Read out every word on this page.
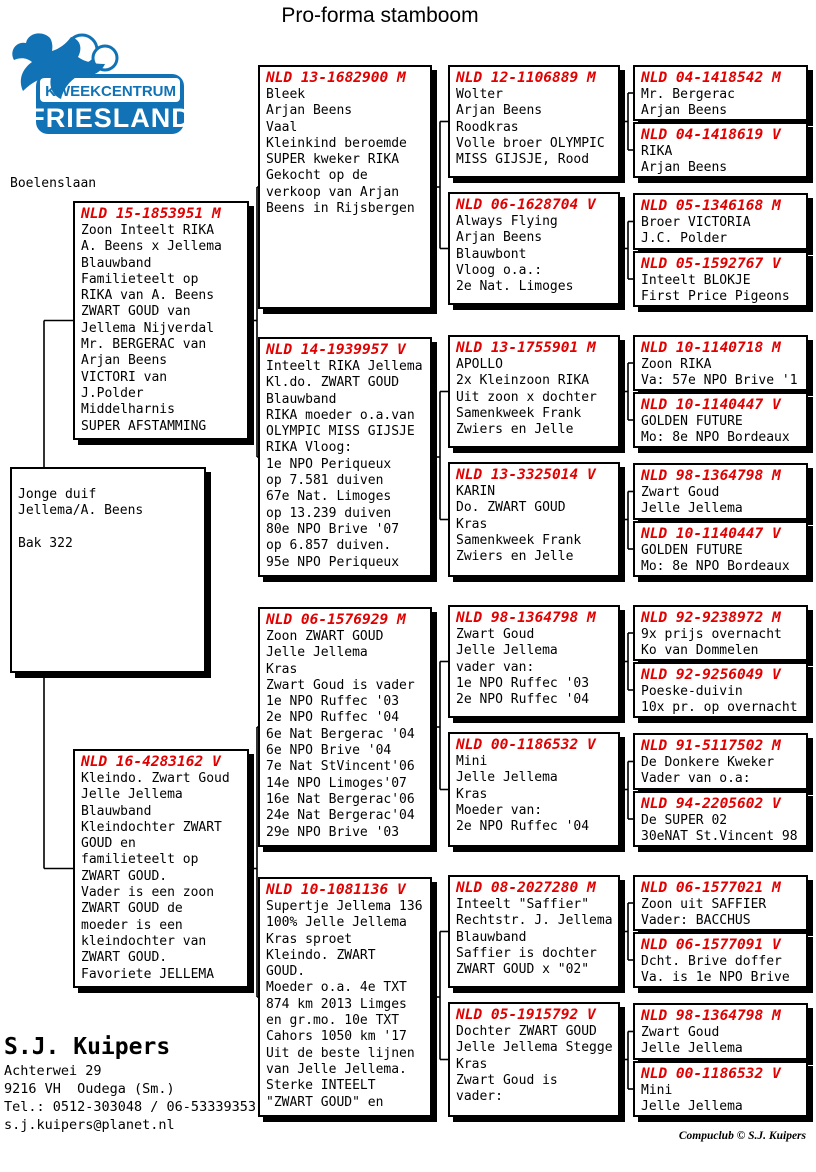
Pro-forma stamboom
KWEEKCENTRUM
FRIESLAND
Boelenslaan
NLD 15-1853951 M
Zoon Inteelt RIKA
A. Beens x Jellema
Blauwband
Familieteelt op
RIKA van A. Beens
ZWART GOUD van
Jellema Nijverdal
Mr. BERGERAC van
Arjan Beens
VICTORI van
J.Polder
Middelharnis
SUPER AFSTAMMING
Jonge duif
Jellema/A. Beens

Bak 322
NLD 16-4283162 V
Kleindo. Zwart Goud
Jelle Jellema
Blauwband
Kleindochter ZWART
GOUD en
familieteelt op
ZWART GOUD.
Vader is een zoon
ZWART GOUD de
moeder is een
kleindochter van
ZWART GOUD.
Favoriete JELLEMA
NLD 13-1682900 M
Bleek
Arjan Beens
Vaal
Kleinkind beroemde
SUPER kweker RIKA
Gekocht op de
verkoop van Arjan
Beens in Rijsbergen
NLD 14-1939957 V
Inteelt RIKA Jellema
Kl.do. ZWART GOUD
Blauwband
RIKA moeder o.a.van
OLYMPIC MISS GIJSJE
RIKA Vloog:
1e NPO Periqueux
op 7.581 duiven
67e Nat. Limoges
op 13.239 duiven
80e NPO Brive '07
op 6.857 duiven.
95e NPO Periqueux
NLD 06-1576929 M
Zoon ZWART GOUD
Jelle Jellema
Kras
Zwart Goud is vader
1e NPO Ruffec '03
2e NPO Ruffec '04
6e Nat Bergerac '04
6e NPO Brive '04
7e Nat StVincent'06
14e NPO Limoges'07
16e Nat Bergerac'06
24e Nat Bergerac'04
29e NPO Brive '03
NLD 10-1081136 V
Supertje Jellema 136
100% Jelle Jellema
Kras sproet
Kleindo. ZWART
GOUD.
Moeder o.a. 4e TXT
874 km 2013 Limges
en gr.mo. 10e TXT
Cahors 1050 km '17
Uit de beste lijnen
van Jelle Jellema.
Sterke INTEELT
"ZWART GOUD" en
NLD 12-1106889 M
Wolter
Arjan Beens
Roodkras
Volle broer OLYMPIC
MISS GIJSJE, Rood
NLD 06-1628704 V
Always Flying
Arjan Beens
Blauwbont
Vloog o.a.:
2e Nat. Limoges
NLD 13-1755901 M
APOLLO
2x Kleinzoon RIKA
Uit zoon x dochter
Samenkweek Frank
Zwiers en Jelle
NLD 13-3325014 V
KARIN
Do. ZWART GOUD
Kras
Samenkweek Frank
Zwiers en Jelle
NLD 98-1364798 M
Zwart Goud
Jelle Jellema
vader van:
1e NPO Ruffec '03
2e NPO Ruffec '04
NLD 00-1186532 V
Mini
Jelle Jellema
Kras
Moeder van:
2e NPO Ruffec '04
NLD 08-2027280 M
Inteelt "Saffier"
Rechtstr. J. Jellema
Blauwband
Saffier is dochter
ZWART GOUD x "02"
NLD 05-1915792 V
Dochter ZWART GOUD
Jelle Jellema Stegge
Kras
Zwart Goud is
vader:
NLD 04-1418542 M
Mr. Bergerac
Arjan Beens
NLD 04-1418619 V
RIKA
Arjan Beens
NLD 05-1346168 M
Broer VICTORIA
J.C. Polder
NLD 05-1592767 V
Inteelt BLOKJE
First Price Pigeons
NLD 10-1140718 M
Zoon RIKA
Va: 57e NPO Brive '1
NLD 10-1140447 V
GOLDEN FUTURE
Mo: 8e NPO Bordeaux
NLD 98-1364798 M
Zwart Goud
Jelle Jellema
NLD 10-1140447 V
GOLDEN FUTURE
Mo: 8e NPO Bordeaux
NLD 92-9238972 M
9x prijs overnacht
Ko van Dommelen
NLD 92-9256049 V
Poeske-duivin
10x pr. op overnacht
NLD 91-5117502 M
De Donkere Kweker
Vader van o.a:
NLD 94-2205602 V
De SUPER 02
30eNAT St.Vincent 98
NLD 06-1577021 M
Zoon uit SAFFIER
Vader: BACCHUS
NLD 06-1577091 V
Dcht. Brive doffer
Va. is 1e NPO Brive
NLD 98-1364798 M
Zwart Goud
Jelle Jellema
NLD 00-1186532 V
Mini
Jelle Jellema
S.J. Kuipers
Achterwei 29
9216 VH  Oudega (Sm.)
Tel.: 0512-303048 / 06-53339353
s.j.kuipers@planet.nl
Compuclub © S.J. Kuipers
